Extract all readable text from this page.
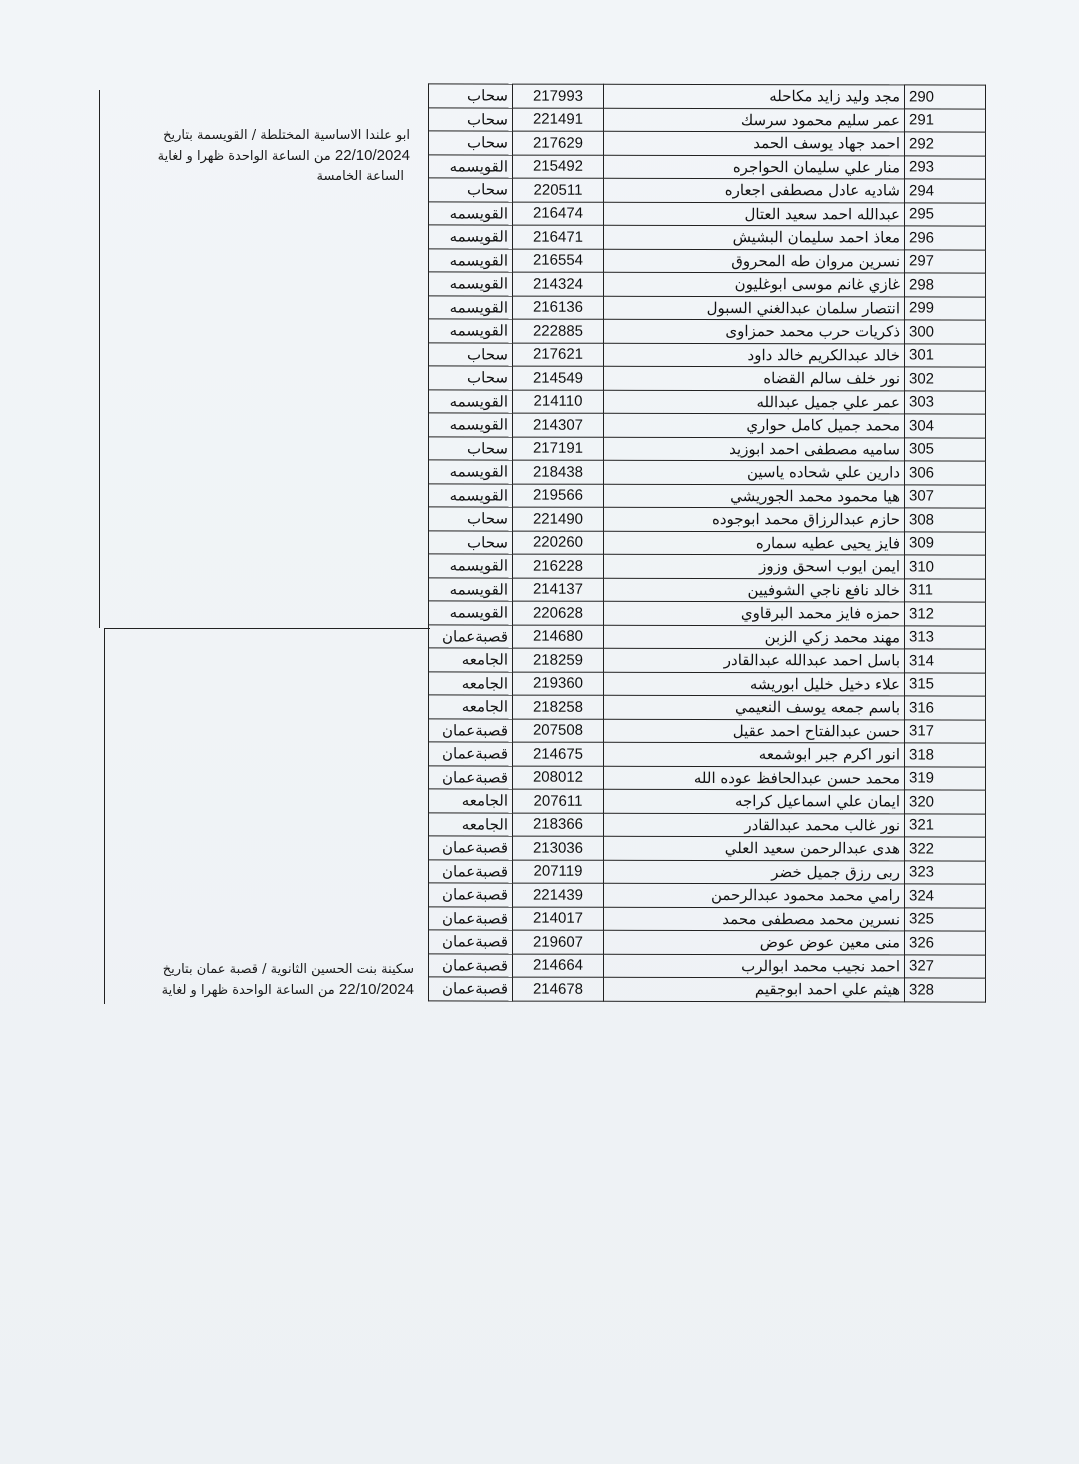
ابو علندا الاساسية المختلطة / القويسمة بتاريخ
22/10/2024 من الساعة الواحدة ظهرا و لغاية
الساعة الخامسة
سكينة بنت الحسين الثانوية / قصبة عمان بتاريخ
22/10/2024 من الساعة الواحدة ظهرا و لغاية
سحاب	217993	مجد وليد زايد مكاحله	290
سحاب	221491	عمر سليم محمود سرسك	291
سحاب	217629	احمد جهاد يوسف الحمد	292
القويسمه	215492	منار علي سليمان الحواجره	293
سحاب	220511	شاديه عادل مصطفى اجعاره	294
القويسمه	216474	عبدالله احمد سعيد العتال	295
القويسمه	216471	معاذ احمد سليمان البشيش	296
القويسمه	216554	نسرين مروان طه المحروق	297
القويسمه	214324	غازي غانم موسى ابوغليون	298
القويسمه	216136	انتصار سلمان عبدالغني السبول	299
القويسمه	222885	ذكريات حرب محمد حمزاوى	300
سحاب	217621	خالد عبدالكريم خالد داود	301
سحاب	214549	نور خلف سالم القضاه	302
القويسمه	214110	عمر علي جميل عبدالله	303
القويسمه	214307	محمد جميل كامل حواري	304
سحاب	217191	ساميه مصطفى احمد ابوزيد	305
القويسمه	218438	دارين علي شحاده ياسين	306
القويسمه	219566	هيا محمود محمد الجوريشي	307
سحاب	221490	حازم عبدالرزاق محمد ابوجوده	308
سحاب	220260	فايز يحيى عطيه سماره	309
القويسمه	216228	ايمن ايوب اسحق وزوز	310
القويسمه	214137	خالد نافع ناجي الشوفيين	311
القويسمه	220628	حمزه فايز محمد البرقاوي	312
قصبةعمان	214680	مهند محمد زكي الزبن	313
الجامعه	218259	باسل احمد عبدالله عبدالقادر	314
الجامعه	219360	علاء دخيل خليل ابوريشه	315
الجامعه	218258	باسم جمعه يوسف النعيمي	316
قصبةعمان	207508	حسن عبدالفتاح احمد عقيل	317
قصبةعمان	214675	انور اكرم جبر ابوشمعه	318
قصبةعمان	208012	محمد حسن عبدالحافظ عوده الله	319
الجامعه	207611	ايمان علي اسماعيل كراجه	320
الجامعه	218366	نور غالب محمد عبدالقادر	321
قصبةعمان	213036	هدى عبدالرحمن سعيد العلي	322
قصبةعمان	207119	ربى رزق جميل خضر	323
قصبةعمان	221439	رامي محمد محمود عبدالرحمن	324
قصبةعمان	214017	نسرين محمد مصطفى محمد	325
قصبةعمان	219607	منى معين عوض عوض	326
قصبةعمان	214664	احمد نجيب محمد ابوالرب	327
قصبةعمان	214678	هيثم علي احمد ابوجقيم	328
